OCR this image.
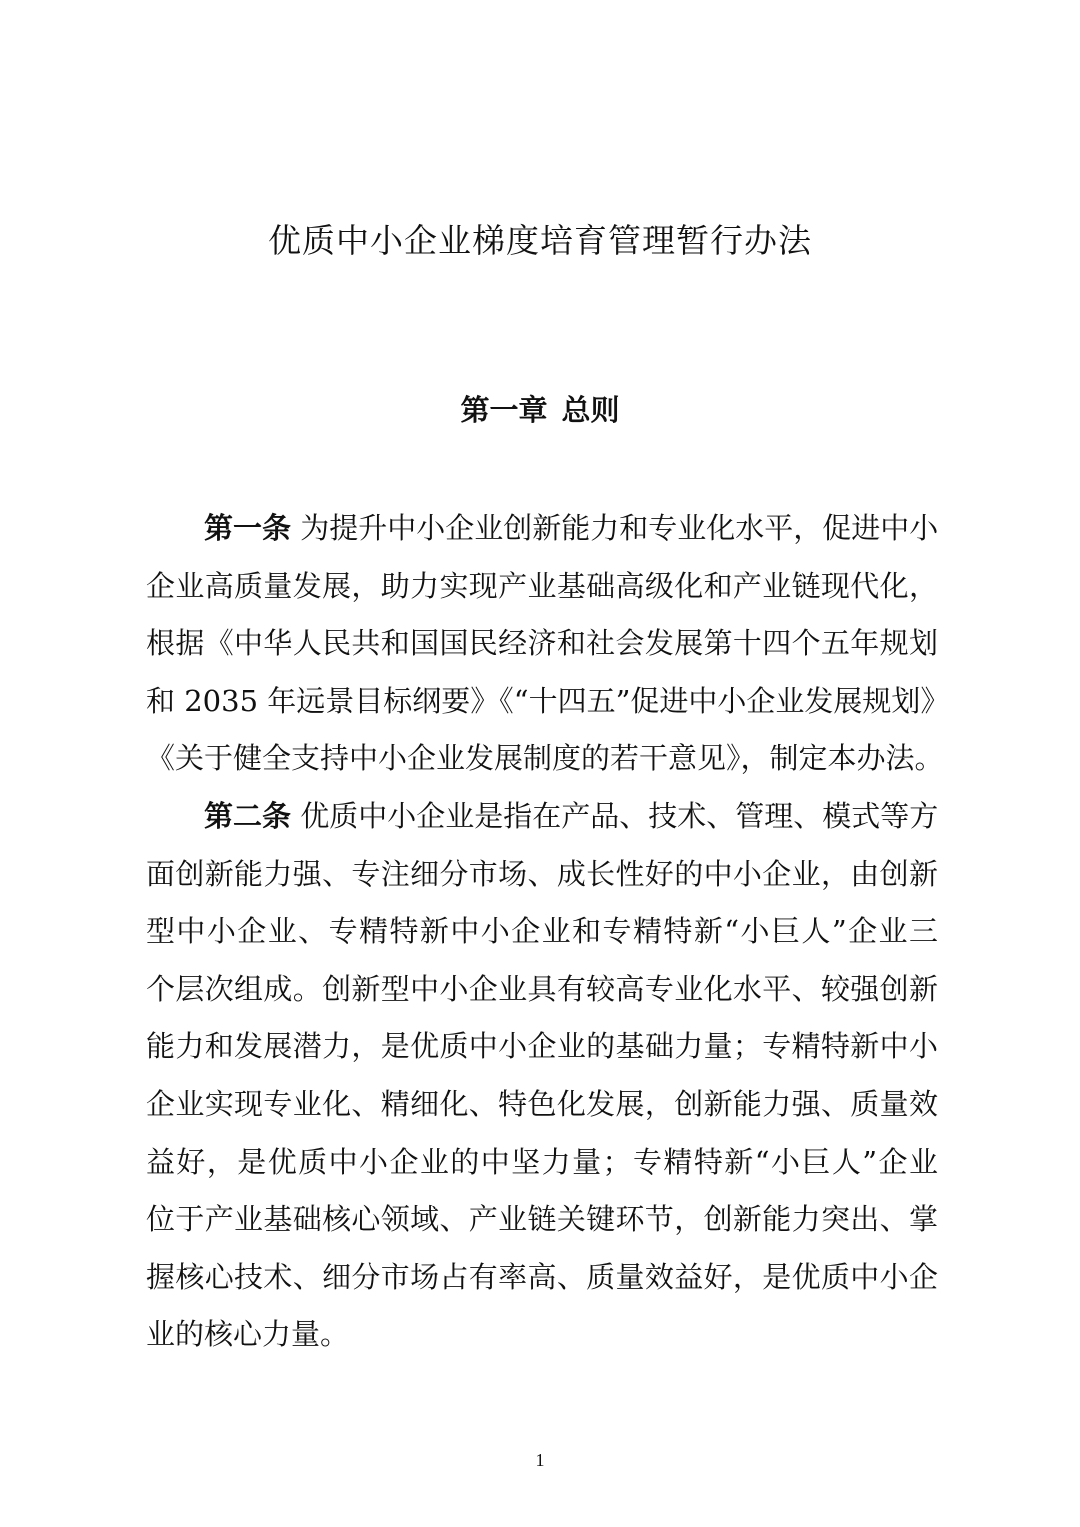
优质中小企业梯度培育管理暂行办法
第一章 总则
第一条 为提升中小企业创新能力和专业化水平，促进中小
企业高质量发展，助力实现产业基础高级化和产业链现代化，
根据《中华人民共和国国民经济和社会发展第十四个五年规划
和 2035 年远景目标纲要》《“十四五”促进中小企业发展规划》
《关于健全支持中小企业发展制度的若干意见》，制定本办法。
第二条 优质中小企业是指在产品、技术、管理、模式等方
面创新能力强、专注细分市场、成长性好的中小企业，由创新
型中小企业、专精特新中小企业和专精特新“小巨人”企业三
个层次组成。创新型中小企业具有较高专业化水平、较强创新
能力和发展潜力，是优质中小企业的基础力量；专精特新中小
企业实现专业化、精细化、特色化发展，创新能力强、质量效
益好，是优质中小企业的中坚力量；专精特新“小巨人”企业
位于产业基础核心领域、产业链关键环节，创新能力突出、掌
握核心技术、细分市场占有率高、质量效益好，是优质中小企
业的核心力量。
1
